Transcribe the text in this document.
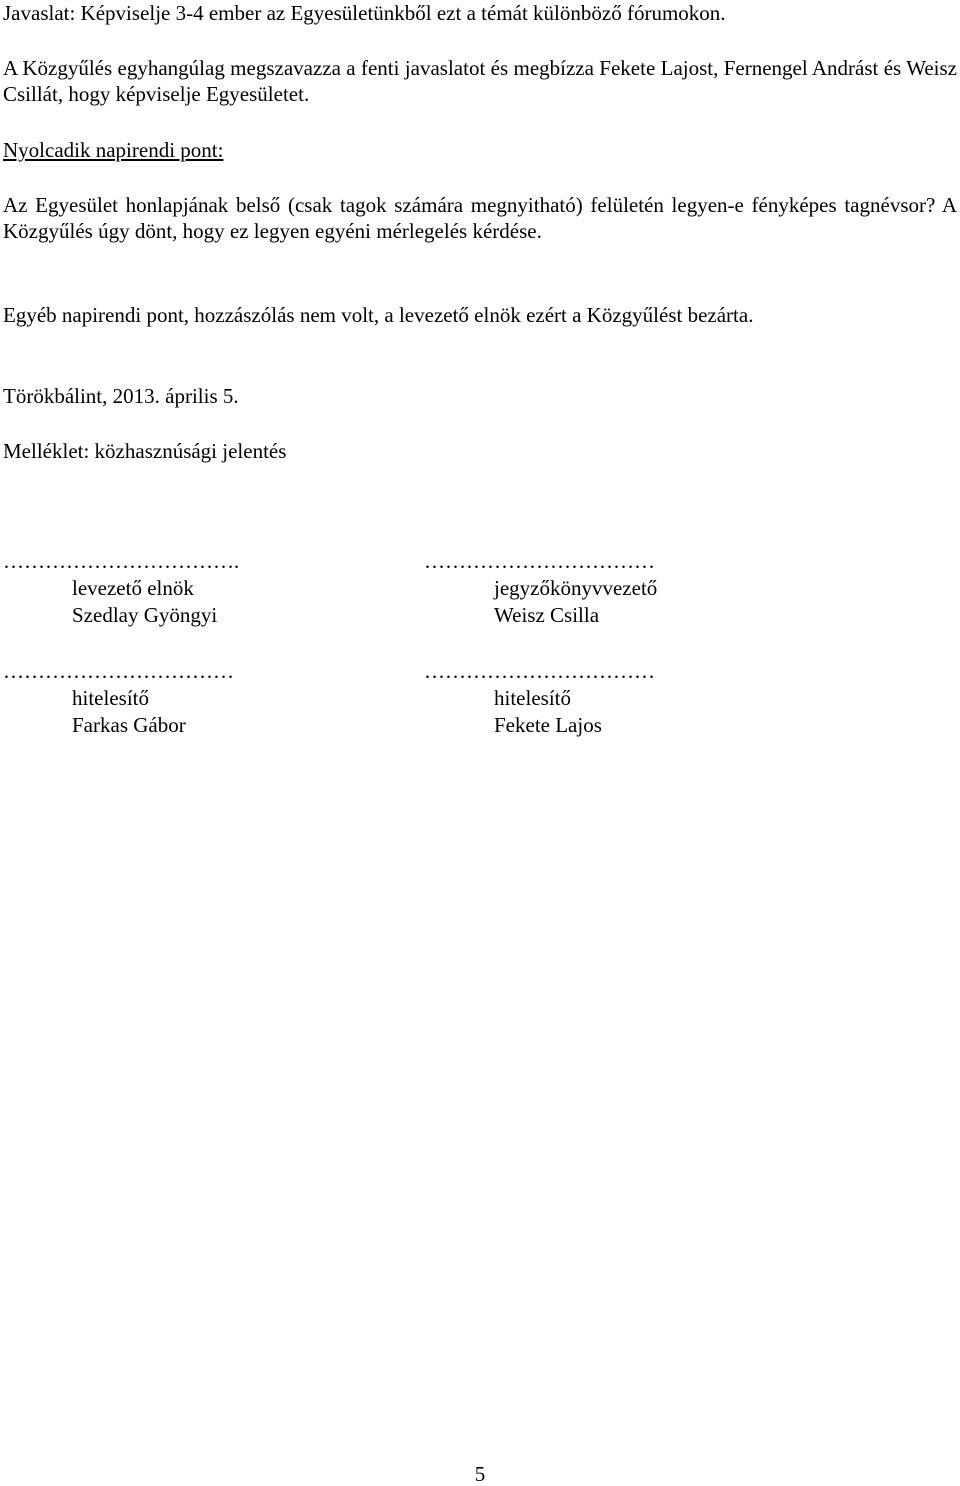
Javaslat: Képviselje 3-4 ember az Egyesületünkből ezt a témát különböző fórumokon.
A Közgyűlés egyhangúlag megszavazza a fenti javaslatot és megbízza Fekete Lajost, Fernengel Andrást és Weisz Csillát, hogy képviselje Egyesületet.
Nyolcadik napirendi pont:
Az Egyesület honlapjának belső (csak tagok számára megnyitható) felületén legyen-e fényképes tagnévsor? A Közgyűlés úgy dönt, hogy ez legyen egyéni mérlegelés kérdése.
Egyéb napirendi pont, hozzászólás nem volt, a levezető elnök ezért a Közgyűlést bezárta.
Törökbálint, 2013. április 5.
Melléklet: közhasznúsági jelentés
…………………………….
levezető elnök
Szedlay Gyöngyi
……………………………
jegyzőkönyvvezető
Weisz Csilla
……………………………
hitelesítő
Farkas Gábor
……………………………
hitelesítő
Fekete Lajos
5
